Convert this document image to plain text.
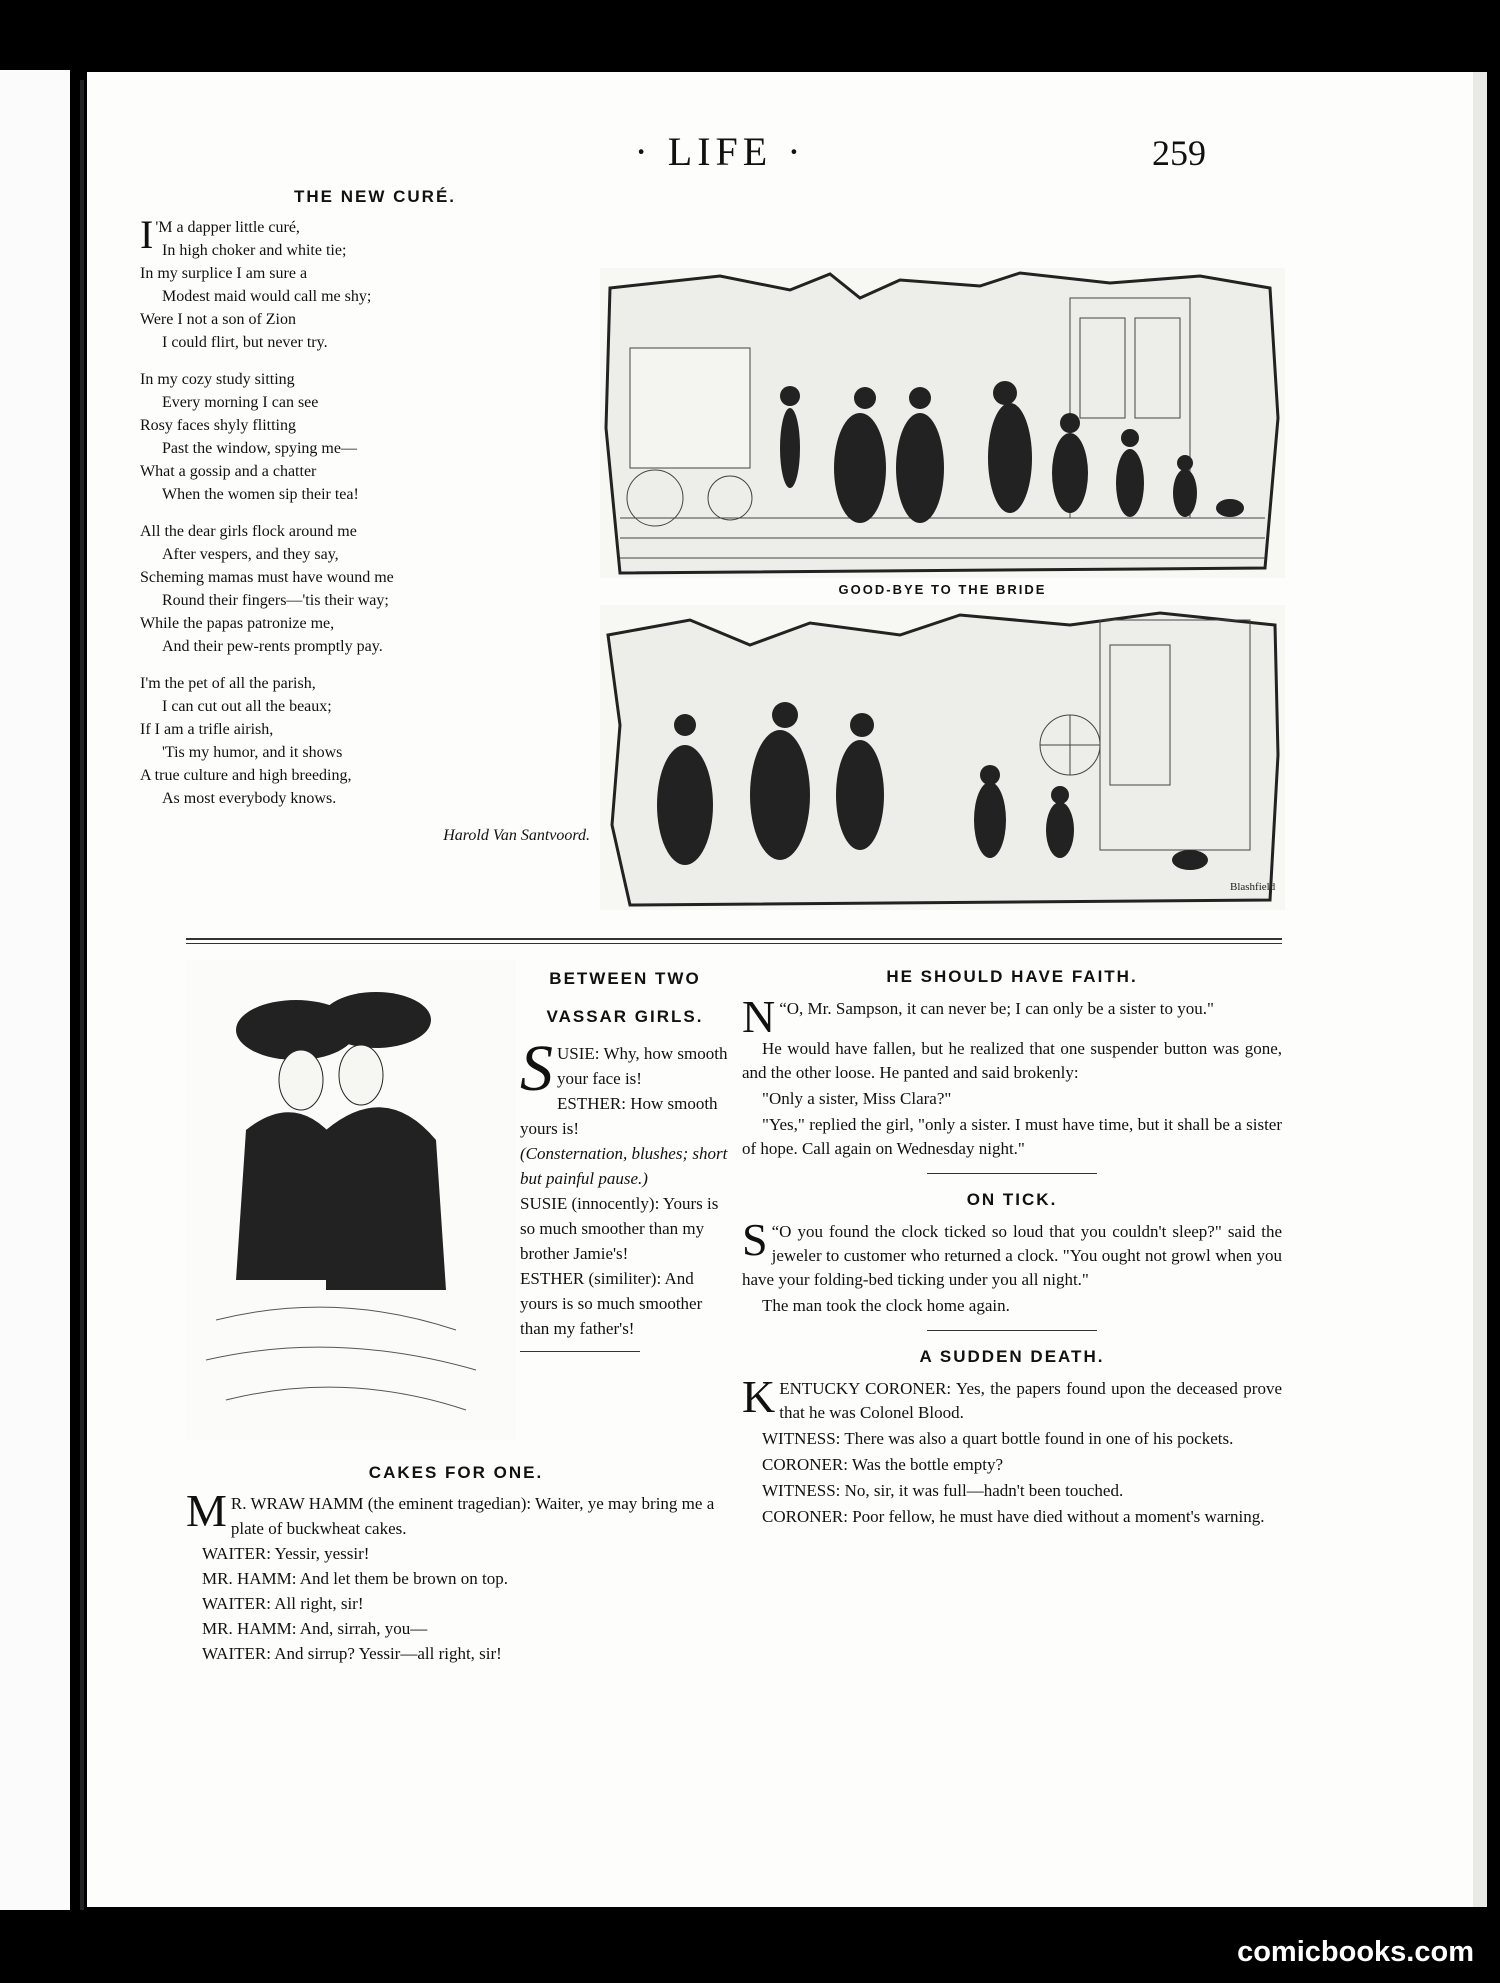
· LIFE ·	259
THE NEW CURÉ.
I 'M a dapper little curé,
In high choker and white tie;
In my surplice I am sure a
Modest maid would call me shy;
Were I not a son of Zion
I could flirt, but never try.
In my cozy study sitting
Every morning I can see
Rosy faces shyly flitting
Past the window, spying me—
What a gossip and a chatter
When the women sip their tea!
All the dear girls flock around me
After vespers, and they say,
Scheming mamas must have wound me
Round their fingers—'tis their way;
While the papas patronize me,
And their pew-rents promptly pay.
I'm the pet of all the parish,
I can cut out all the beaux;
If I am a trifle airish,
'Tis my humor, and it shows
A true culture and high breeding,
As most everybody knows.
Harold Van Santvoord.
GOOD-BYE TO THE BRIDE
Blashfield
BETWEEN TWO
VASSAR GIRLS.
SUSIE: Why, how smooth your face is!
ESTHER: How smooth yours is!
(Consternation, blushes; short but painful pause.)
SUSIE (innocently): Yours is so much smoother than my brother Jamie's!
ESTHER (similiter): And yours is so much smoother than my father's!
HE SHOULD HAVE FAITH.

“
N O, Mr. Sampson, it can never be; I can only be a sister to you."

He would have fallen, but he realized that one suspender button was gone, and the other loose. He panted and said brokenly:

"Only a sister, Miss Clara?"

"Yes," replied the girl, "only a sister. I must have time, but it shall be a sister of hope. Call again on Wednesday night."

ON TICK.

“
S O you found the clock ticked so loud that you couldn't sleep?" said the jeweler to customer who returned a clock. "You ought not growl when you have your folding-bed ticking under you all night."

The man took the clock home again.

A SUDDEN DEATH.

KENTUCKY CORONER: Yes, the papers found upon the deceased prove that he was Colonel Blood.

WITNESS: There was also a quart bottle found in one of his pockets.

CORONER: Was the bottle empty?

WITNESS: No, sir, it was full—hadn't been touched.

CORONER: Poor fellow, he must have died without a moment's warning.

CAKES FOR ONE.

M R. WRAW HAMM (the eminent tragedian): Waiter, ye may bring me a plate of buckwheat cakes.

WAITER: Yessir, yessir!

MR. HAMM: And let them be brown on top.

WAITER: All right, sir!

MR. HAMM: And, sirrah, you—

WAITER: And sirrup? Yessir—all right, sir!

comicbooks.com
